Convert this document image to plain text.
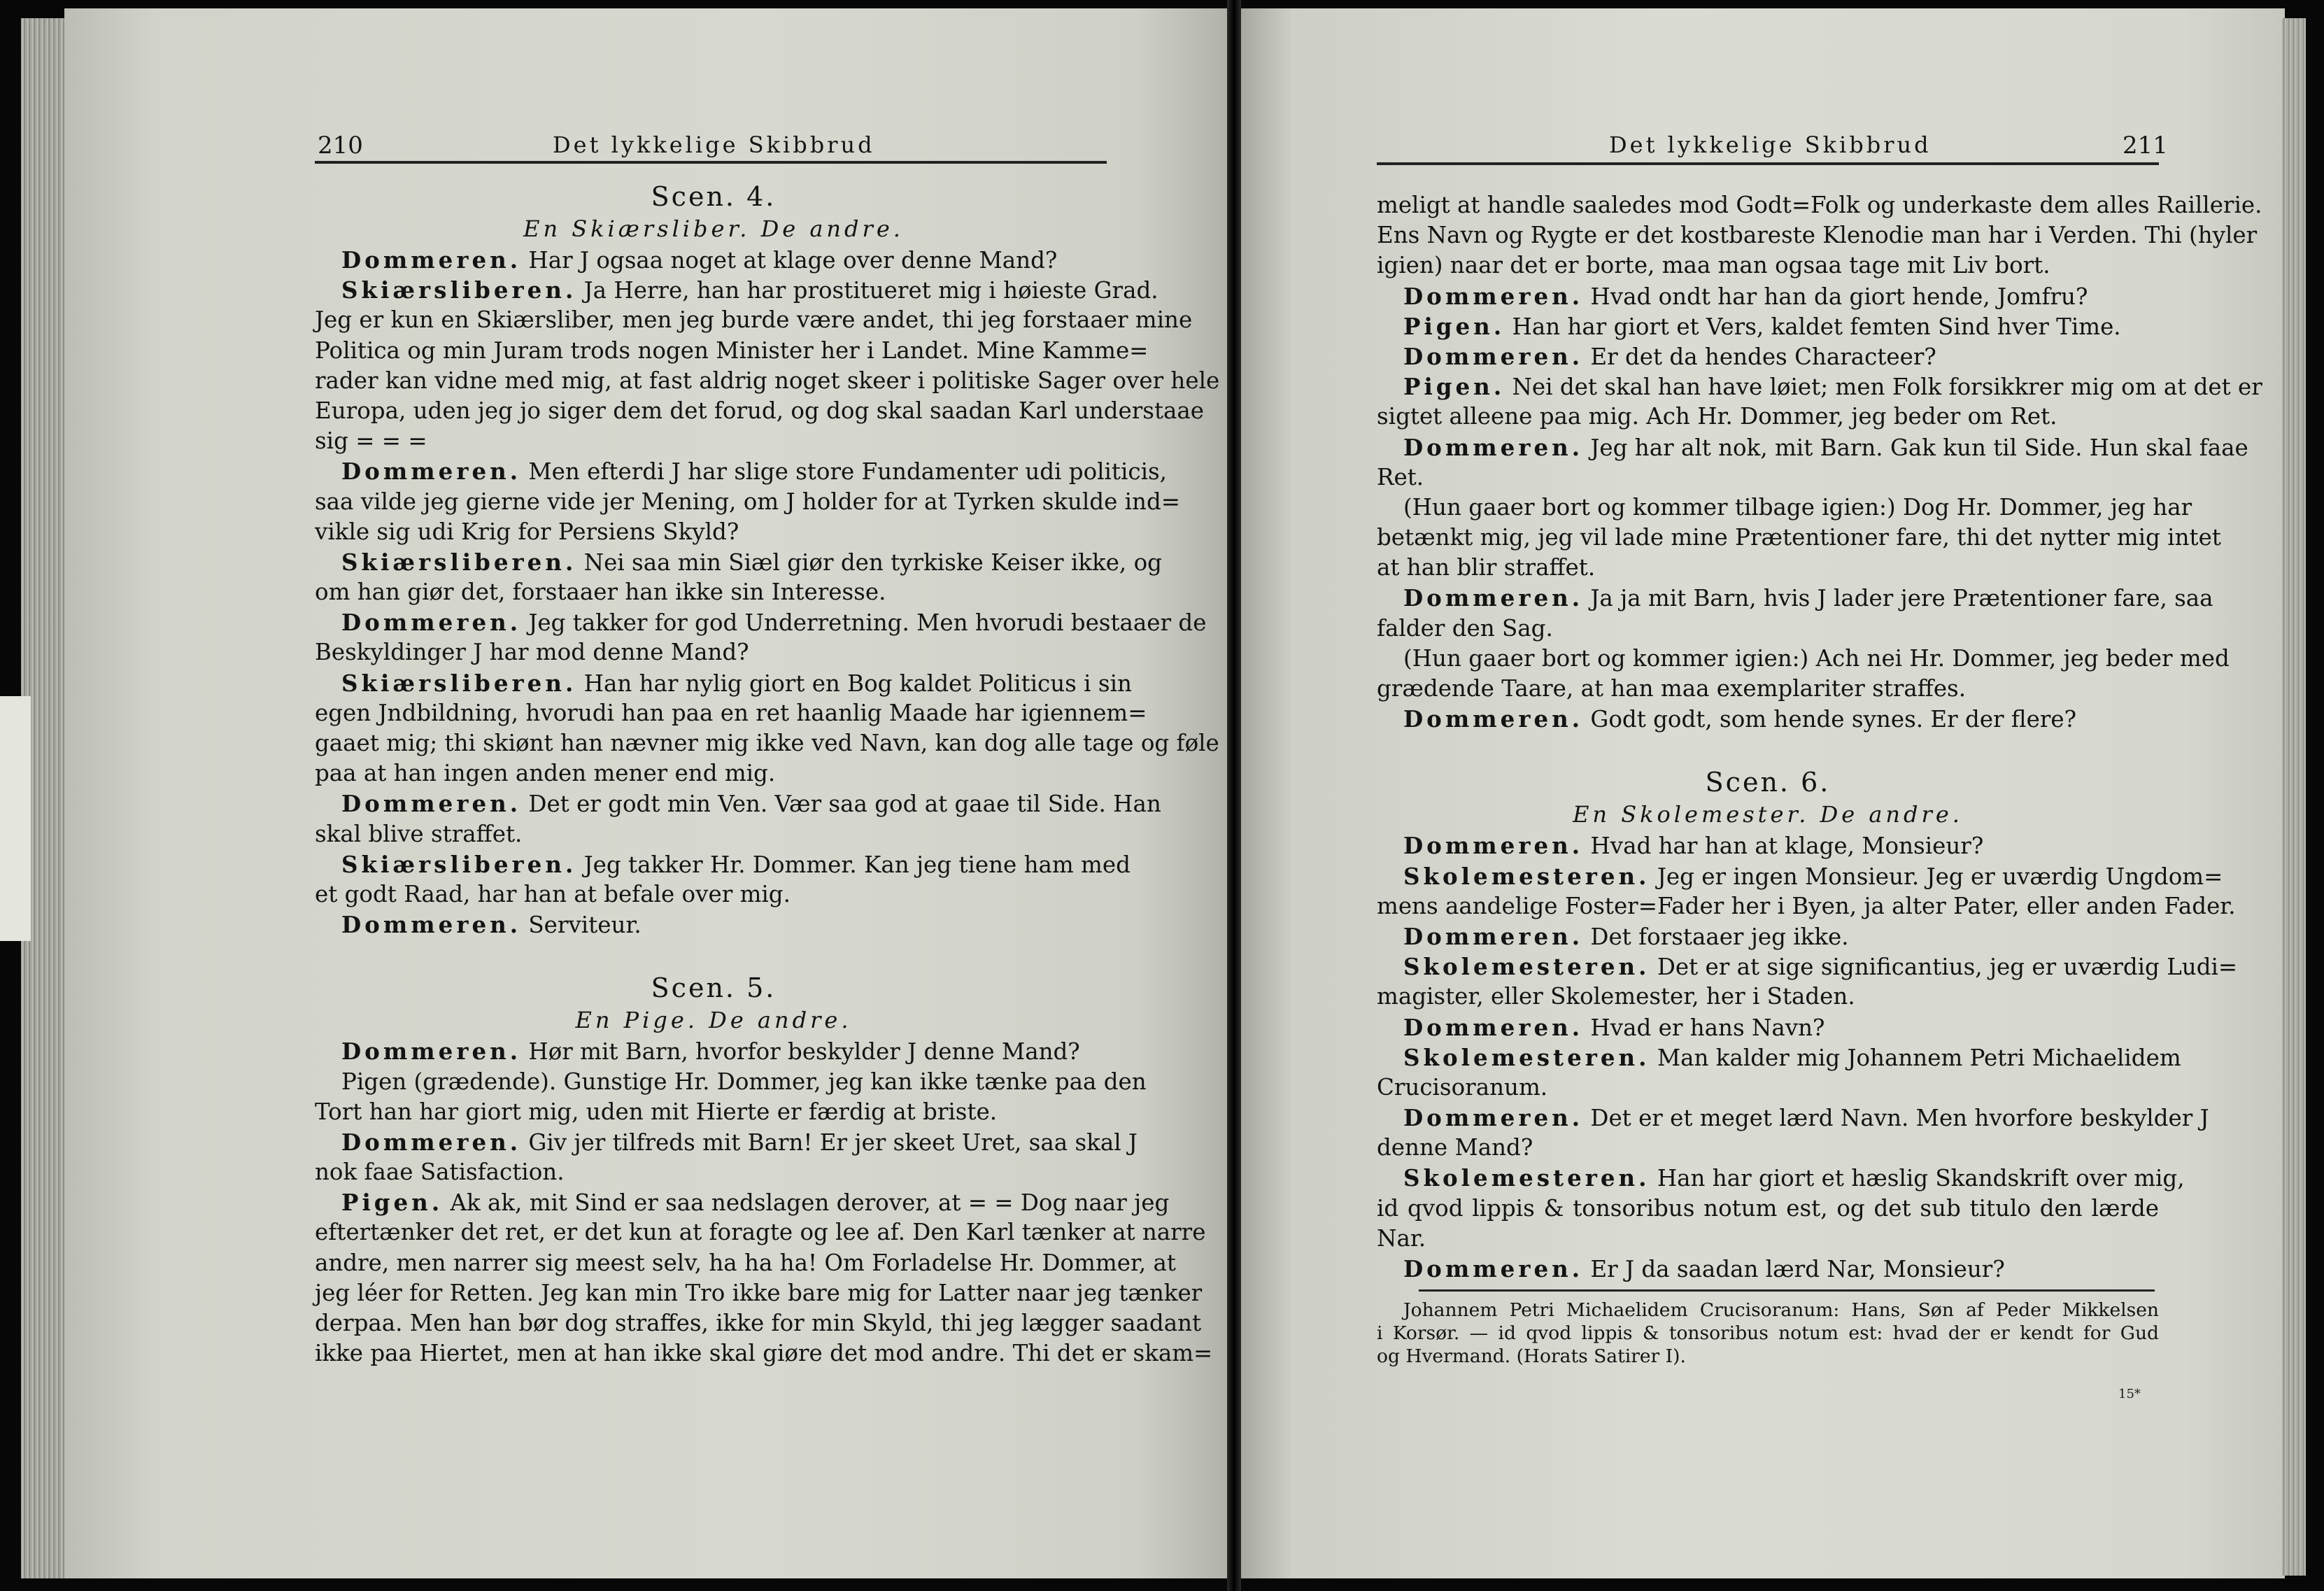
210	Det lykkelige Skibbrud
Scen. 4.
En Skiærsliber. De andre.
Dommeren. Har J ogsaa noget at klage over denne Mand?
Skiærsliberen. Ja Herre, han har prostitueret mig i høieste Grad.
Jeg er kun en Skiærsliber, men jeg burde være andet, thi jeg forstaaer mine
Politica og min Juram trods nogen Minister her i Landet. Mine Kamme=
rader kan vidne med mig, at fast aldrig noget skeer i politiske Sager over hele
Europa, uden jeg jo siger dem det forud, og dog skal saadan Karl understaae
sig = = =
Dommeren. Men efterdi J har slige store Fundamenter udi politicis,
saa vilde jeg gierne vide jer Mening, om J holder for at Tyrken skulde ind=
vikle sig udi Krig for Persiens Skyld?
Skiærsliberen. Nei saa min Siæl giør den tyrkiske Keiser ikke, og
om han giør det, forstaaer han ikke sin Interesse.
Dommeren. Jeg takker for god Underretning. Men hvorudi bestaaer de
Beskyldinger J har mod denne Mand?
Skiærsliberen. Han har nylig giort en Bog kaldet Politicus i sin
egen Jndbildning, hvorudi han paa en ret haanlig Maade har igiennem=
gaaet mig; thi skiønt han nævner mig ikke ved Navn, kan dog alle tage og føle
paa at han ingen anden mener end mig.
Dommeren. Det er godt min Ven. Vær saa god at gaae til Side. Han
skal blive straffet.
Skiærsliberen. Jeg takker Hr. Dommer. Kan jeg tiene ham med
et godt Raad, har han at befale over mig.
Dommeren. Serviteur.
Scen. 5.
En Pige. De andre.
Dommeren. Hør mit Barn, hvorfor beskylder J denne Mand?
Pigen (grædende). Gunstige Hr. Dommer, jeg kan ikke tænke paa den
Tort han har giort mig, uden mit Hierte er færdig at briste.
Dommeren. Giv jer tilfreds mit Barn! Er jer skeet Uret, saa skal J
nok faae Satisfaction.
Pigen. Ak ak, mit Sind er saa nedslagen derover, at = = Dog naar jeg
eftertænker det ret, er det kun at foragte og lee af. Den Karl tænker at narre
andre, men narrer sig meest selv, ha ha ha! Om Forladelse Hr. Dommer, at
jeg léer for Retten. Jeg kan min Tro ikke bare mig for Latter naar jeg tænker
derpaa. Men han bør dog straffes, ikke for min Skyld, thi jeg lægger saadant
ikke paa Hiertet, men at han ikke skal giøre det mod andre. Thi det er skam=
Det lykkelige Skibbrud	211
meligt at handle saaledes mod Godt=Folk og underkaste dem alles Raillerie.
Ens Navn og Rygte er det kostbareste Klenodie man har i Verden. Thi (hyler
igien) naar det er borte, maa man ogsaa tage mit Liv bort.
Dommeren. Hvad ondt har han da giort hende, Jomfru?
Pigen. Han har giort et Vers, kaldet femten Sind hver Time.
Dommeren. Er det da hendes Characteer?
Pigen. Nei det skal han have løiet; men Folk forsikkrer mig om at det er
sigtet alleene paa mig. Ach Hr. Dommer, jeg beder om Ret.
Dommeren. Jeg har alt nok, mit Barn. Gak kun til Side. Hun skal faae
Ret.
(Hun gaaer bort og kommer tilbage igien:) Dog Hr. Dommer, jeg har
betænkt mig, jeg vil lade mine Prætentioner fare, thi det nytter mig intet
at han blir straffet.
Dommeren. Ja ja mit Barn, hvis J lader jere Prætentioner fare, saa
falder den Sag.
(Hun gaaer bort og kommer igien:) Ach nei Hr. Dommer, jeg beder med
grædende Taare, at han maa exemplariter straffes.
Dommeren. Godt godt, som hende synes. Er der flere?
Scen. 6.
En Skolemester. De andre.
Dommeren. Hvad har han at klage, Monsieur?
Skolemesteren. Jeg er ingen Monsieur. Jeg er uværdig Ungdom=
mens aandelige Foster=Fader her i Byen, ja alter Pater, eller anden Fader.
Dommeren. Det forstaaer jeg ikke.
Skolemesteren. Det er at sige significantius, jeg er uværdig Ludi=
magister, eller Skolemester, her i Staden.
Dommeren. Hvad er hans Navn?
Skolemesteren. Man kalder mig Johannem Petri Michaelidem
Crucisoranum.
Dommeren. Det er et meget lærd Navn. Men hvorfore beskylder J
denne Mand?
Skolemesteren. Han har giort et hæslig Skandskrift over mig,
id qvod lippis & tonsoribus notum est, og det sub titulo den lærde
Nar.
Dommeren. Er J da saadan lærd Nar, Monsieur?
Johannem Petri Michaelidem Crucisoranum: Hans, Søn af Peder Mikkelsen
i Korsør. — id qvod lippis & tonsoribus notum est: hvad der er kendt for Gud
og Hvermand. (Horats Satirer I).
15*
